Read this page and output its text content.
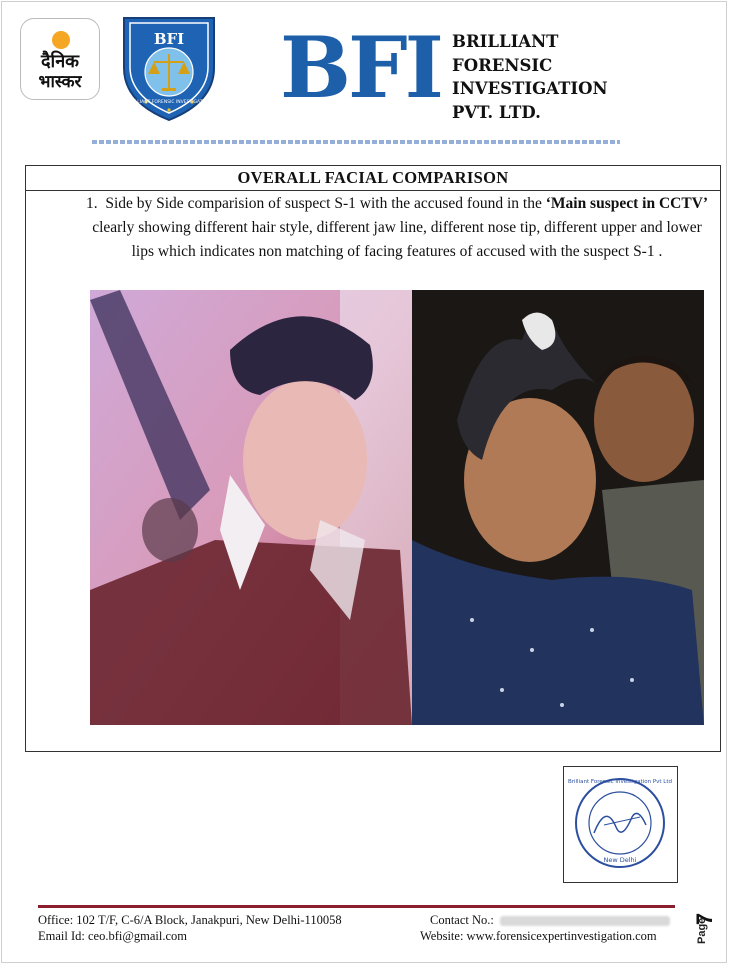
दैनिक
भास्कर
BFI
BRILLIANT FORENSIC INVESTIGATION BFI BRILLIANT
FORENSIC
INVESTIGATION
PVT. LTD.
OVERALL FACIAL COMPARISON
1. Side by Side comparision of suspect S-1 with the accused found in the ‘Main suspect in CCTV’ clearly showing different hair style, different jaw line, different nose tip, different upper and lower lips which indicates non matching of facing features of accused with the suspect S-1 .
Brilliant Forensic Investigation Pvt Ltd
New Delhi
Office: 102 T/F, C-6/A Block, Janakpuri, New Delhi-110058
Email Id: ceo.bfi@gmail.com
Contact No.:
Website: www.forensicexpertinvestigation.com
7
Page
